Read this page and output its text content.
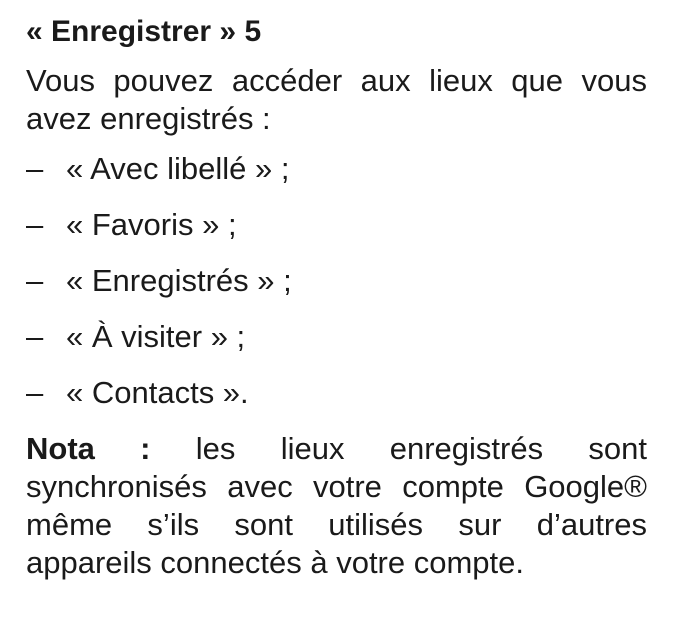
« Enregistrer » 5

Vous pouvez accéder aux lieux que vous avez enregistrés :

– « Avec libellé » ;
– « Favoris » ;
– « Enregistrés » ;
– « À visiter » ;
– « Contacts ».

Nota : les lieux enregistrés sont synchronisés avec votre compte Google® même s’ils sont utilisés sur d’autres appareils connectés à votre compte.
